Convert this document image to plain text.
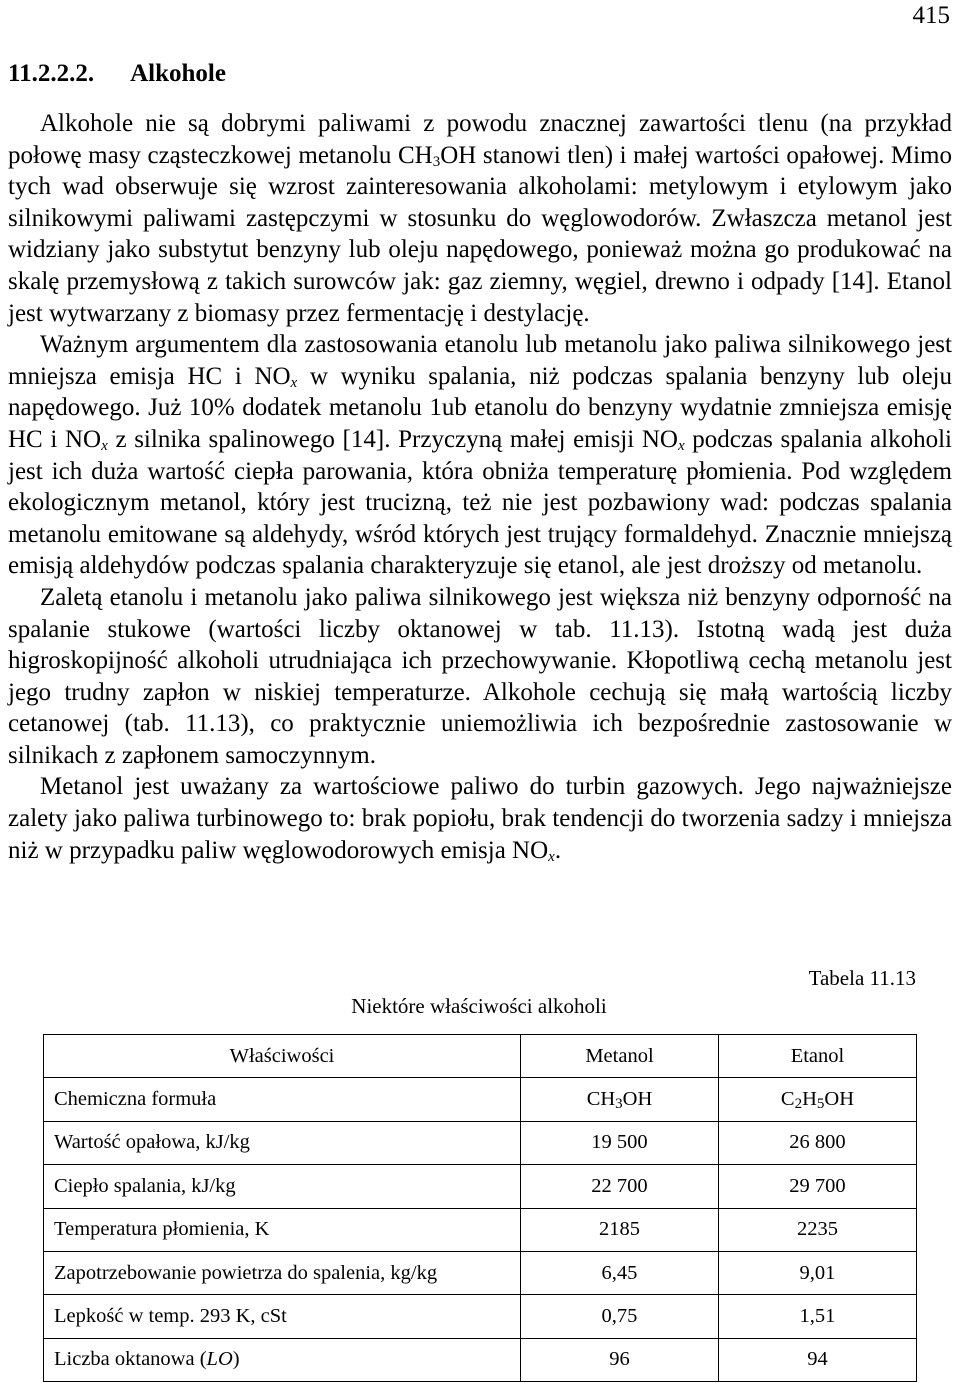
415
11.2.2.2. Alkohole

Alkohole nie są dobrymi paliwami z powodu znacznej zawartości tlenu (na przykład połowę masy cząsteczkowej metanolu $CH_3OH$ stanowi tlen) i małej wartości opałowej. Mimo tych wad obserwuje się wzrost zainteresowania alkoholami: metylowym i etylowym jako silnikowymi paliwami zastępczymi w stosunku do węglowodorów. Zwłaszcza metanol jest widziany jako substytut benzyny lub oleju napędowego, ponieważ można go produkować na skalę przemysłową z takich surowców jak: gaz ziemny, węgiel, drewno i odpady [14]. Etanol jest wytwarzany z biomasy przez fermentację i destylację.

Ważnym argumentem dla zastosowania etanolu lub metanolu jako paliwa silnikowego jest mniejsza emisja HC i $NO_x$ w wyniku spalania, niż podczas spalania benzyny lub oleju napędowego. Już 10% dodatek metanolu 1ub etanolu do benzyny wydatnie zmniejsza emisję HC i $NO_x$ z silnika spalinowego [14]. Przyczyną małej emisji $NO_x$ podczas spalania alkoholi jest ich duża wartość ciepła parowania, która obniża temperaturę płomienia. Pod względem ekologicznym metanol, który jest trucizną, też nie jest pozbawiony wad: podczas spalania metanolu emitowane są aldehydy, wśród których jest trujący formaldehyd. Znacznie mniejszą emisją aldehydów podczas spalania charakteryzuje się etanol, ale jest droższy od metanolu.

Zaletą etanolu i metanolu jako paliwa silnikowego jest większa niż benzyny odporność na spalanie stukowe (wartości liczby oktanowej w tab. 11.13). Istotną wadą jest duża higroskopijność alkoholi utrudniająca ich przechowywanie. Kłopotliwą cechą metanolu jest jego trudny zapłon w niskiej temperaturze. Alkohole cechują się małą wartością liczby cetanowej (tab. 11.13), co praktycznie uniemożliwia ich bezpośrednie zastosowanie w silnikach z zapłonem samoczynnym.

Metanol jest uważany za wartościowe paliwo do turbin gazowych. Jego najważniejsze zalety jako paliwa turbinowego to: brak popiołu, brak tendencji do tworzenia sadzy i mniejsza niż w przypadku paliw węglowodorowych emisja $NO_x$.

Tabela 11.13
Niektóre właściwości alkoholi
Właściwości	Metanol	Etanol
Chemiczna formuła	$CH_3OH$	$C_2H_5OH$
Wartość opałowa, kJ/kg	19 500	26 800
Ciepło spalania, kJ/kg	22 700	29 700
Temperatura płomienia, K	2185	2235
Zapotrzebowanie powietrza do spalenia, kg/kg	6,45	9,01
Lepkość w temp. 293 K, cSt	0,75	1,51
Liczba oktanowa (LO)	96	94
